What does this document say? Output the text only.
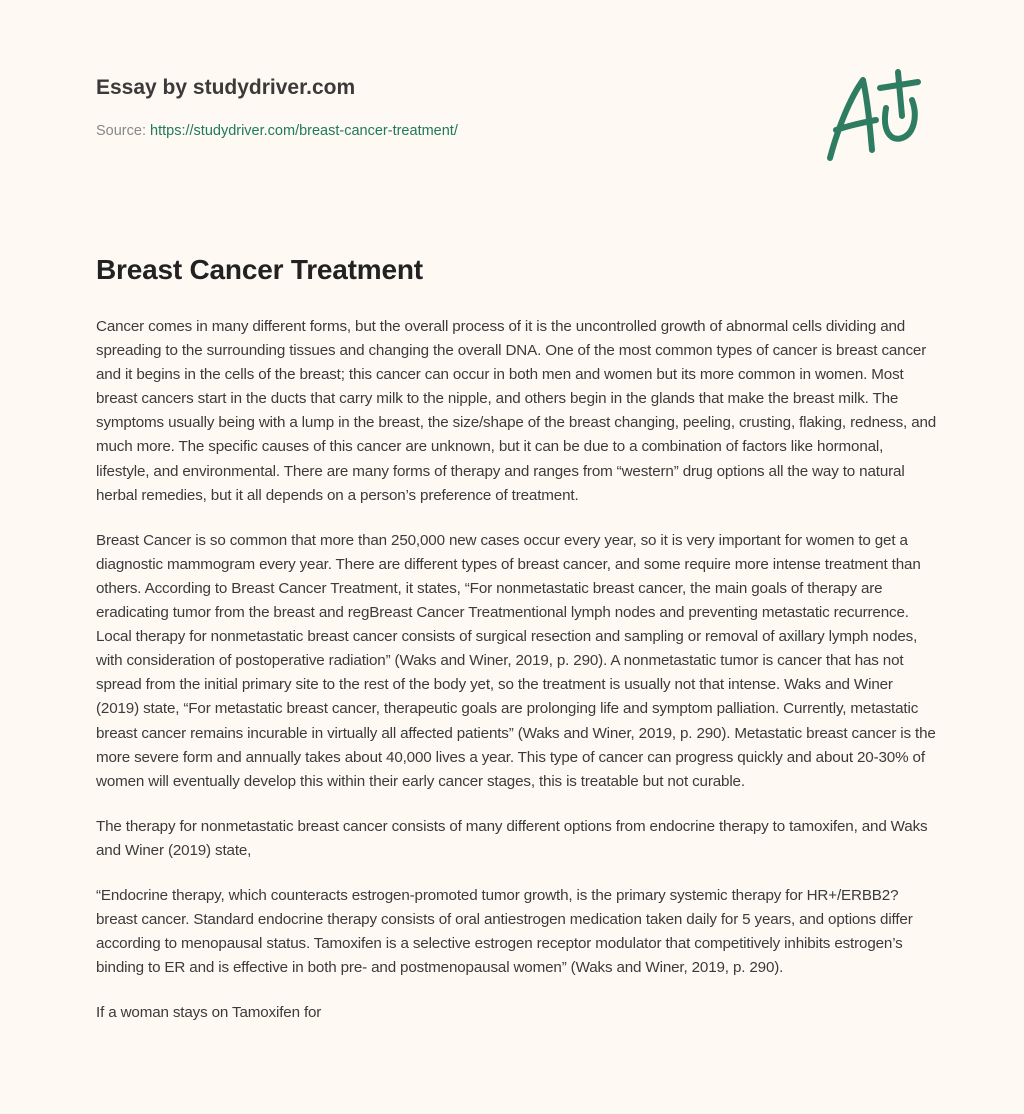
Essay by studydriver.com
Source: https://studydriver.com/breast-cancer-treatment/
Breast Cancer Treatment

Cancer comes in many different forms, but the overall process of it is the uncontrolled growth of abnormal cells dividing and spreading to the surrounding tissues and changing the overall DNA. One of the most common types of cancer is breast cancer and it begins in the cells of the breast; this cancer can occur in both men and women but its more common in women. Most breast cancers start in the ducts that carry milk to the nipple, and others begin in the glands that make the breast milk. The symptoms usually being with a lump in the breast, the size/shape of the breast changing, peeling, crusting, flaking, redness, and much more. The specific causes of this cancer are unknown, but it can be due to a combination of factors like hormonal, lifestyle, and environmental. There are many forms of therapy and ranges from “western” drug options all the way to natural herbal remedies, but it all depends on a person’s preference of treatment.

Breast Cancer is so common that more than 250,000 new cases occur every year, so it is very important for women to get a diagnostic mammogram every year. There are different types of breast cancer, and some require more intense treatment than others. According to Breast Cancer Treatment, it states, “For nonmetastatic breast cancer, the main goals of therapy are eradicating tumor from the breast and regBreast Cancer Treatmentional lymph nodes and preventing metastatic recurrence. Local therapy for nonmetastatic breast cancer consists of surgical resection and sampling or removal of axillary lymph nodes, with consideration of postoperative radiation” (Waks and Winer, 2019, p. 290). A nonmetastatic tumor is cancer that has not spread from the initial primary site to the rest of the body yet, so the treatment is usually not that intense. Waks and Winer (2019) state, “For metastatic breast cancer, therapeutic goals are prolonging life and symptom palliation. Currently, metastatic breast cancer remains incurable in virtually all affected patients” (Waks and Winer, 2019, p. 290). Metastatic breast cancer is the more severe form and annually takes about 40,000 lives a year. This type of cancer can progress quickly and about 20-30% of women will eventually develop this within their early cancer stages, this is treatable but not curable.

The therapy for nonmetastatic breast cancer consists of many different options from endocrine therapy to tamoxifen, and Waks and Winer (2019) state,

“Endocrine therapy, which counteracts estrogen-promoted tumor growth, is the primary systemic therapy for HR+/ERBB2? breast cancer. Standard endocrine therapy consists of oral antiestrogen medication taken daily for 5 years, and options differ according to menopausal status. Tamoxifen is a selective estrogen receptor modulator that competitively inhibits estrogen’s binding to ER and is effective in both pre- and postmenopausal women” (Waks and Winer, 2019, p. 290).

If a woman stays on Tamoxifen for
